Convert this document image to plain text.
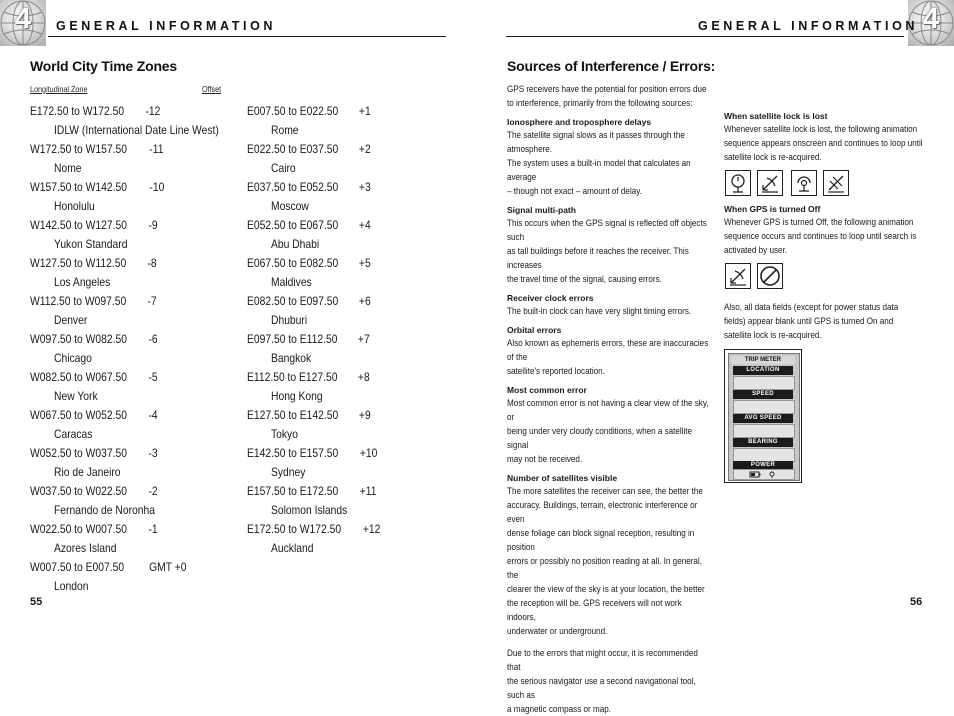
4	GENERAL INFORMATION
World City Time Zones
Longitudinal Zone	Offset
E172.50 to W172.50 -12
IDLW (International Date Line West)
W172.50 to W157.50 -11
Nome
W157.50 to W142.50 -10
Honolulu
W142.50 to W127.50 -9
Yukon Standard
W127.50 to W112.50 -8
Los Angeles
W112.50 to W097.50 -7
Denver
W097.50 to W082.50 -6
Chicago
W082.50 to W067.50 -5
New York
W067.50 to W052.50 -4
Caracas
W052.50 to W037.50 -3
Rio de Janeiro
W037.50 to W022.50 -2
Fernando de Noronha
W022.50 to W007.50 -1
Azores Island
W007.50 to E007.50 GMT +0
London
E007.50 to E022.50 +1
Rome
E022.50 to E037.50 +2
Cairo
E037.50 to E052.50 +3
Moscow
E052.50 to E067.50 +4
Abu Dhabi
E067.50 to E082.50 +5
Maldives
E082.50 to E097.50 +6
Dhuburi
E097.50 to E112.50 +7
Bangkok
E112.50 to E127.50 +8
Hong Kong
E127.50 to E142.50 +9
Tokyo
E142.50 to E157.50 +10
Sydney
E157.50 to E172.50 +11
Solomon Islands
E172.50 to W172.50 +12
Auckland
55
4
GENERAL INFORMATION
Sources of Interference / Errors:

GPS receivers have the potential for position errors due to interference, primarily from the following sources:

Ionosphere and troposphere delays

The satellite signal slows as it passes through the atmosphere.

The system uses a built-in model that calculates an average

– though not exact – amount of delay.

Signal multi-path

This occurs when the GPS signal is reflected off objects such

as tall buildings before it reaches the receiver. This increases

the travel time of the signal, causing errors.

Receiver clock errors

The built-in clock can have very slight timing errors.

Orbital errors

Also known as ephemeris errors, these are inaccuracies of the

satellite's reported location.

Most common error

Most common error is not having a clear view of the sky, or

being under very cloudy conditions, when a satellite signal

may not be received.

Number of satellites visible

The more satellites the receiver can see, the better the

accuracy. Buildings, terrain, electronic interference or even

dense foliage can block signal reception, resulting in position

errors or possibly no position reading at all. In general, the

clearer the view of the sky is at your location, the better

the reception will be. GPS receivers will not work indoors,

underwater or underground.

Due to the errors that might occur, it is recommended that

the serious navigator use a second navigational tool, such as

a magnetic compass or map.

When satellite lock is lost

Whenever satellite lock is lost, the following animation

sequence appears onscreen and continues to loop until

satellite lock is re-acquired.

When GPS is turned Off

Whenever GPS is turned Off, the following animation

sequence occurs and continues to loop until search is

activated by user.

Also, all data fields (except for power status data

fields) appear blank until GPS is turned On and

satellite lock is re-acquired.

TRIP METER
LOCATION
SPEED
AVG SPEED
BEARING
POWER
56
